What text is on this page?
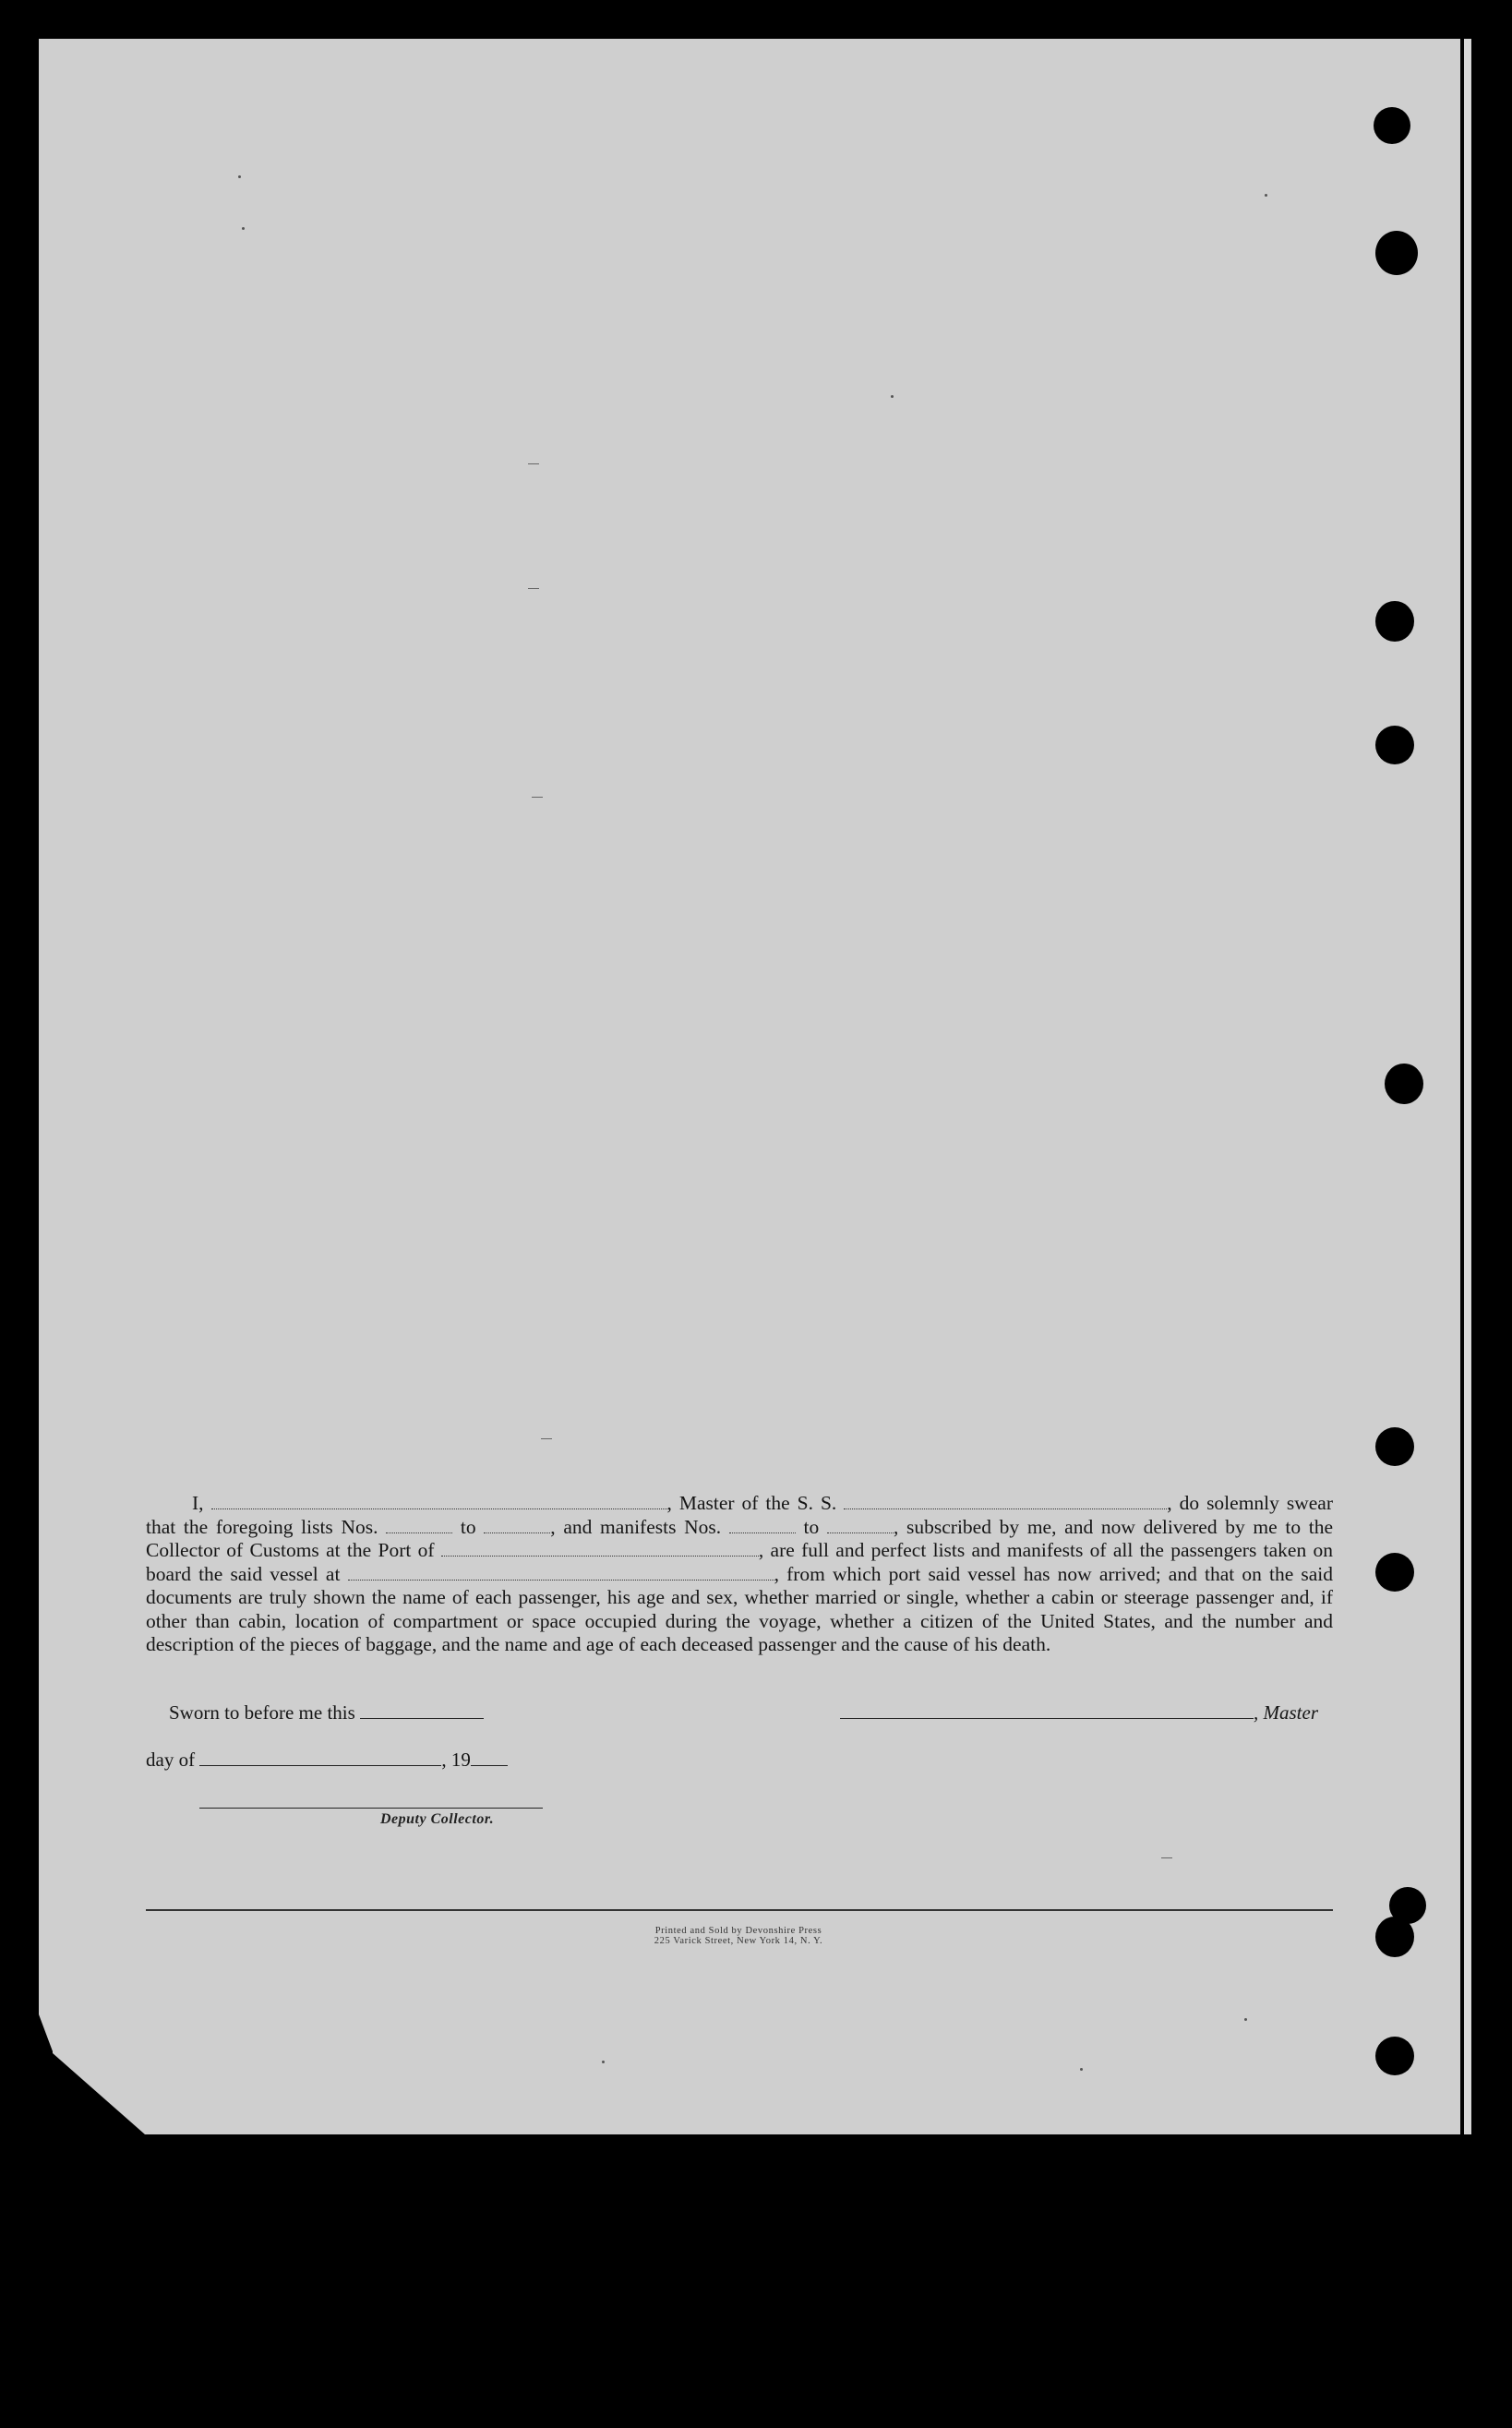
I,	, Master of the S. S.	, do solemnly swear that the foregoing lists Nos.	to	, and manifests Nos.	to	, subscribed by me, and now delivered by me to the Collector of Customs at the Port of	, are full and perfect lists and manifests of all the passengers taken on board the said vessel at	, from which port said vessel has now arrived; and that on the said documents are truly shown the name of each passenger, his age and sex, whether married or single, whether a cabin or steerage passenger and, if other than cabin, location of compartment or space occupied during the voyage, whether a citizen of the United States, and the number and description of the pieces of baggage, and the name and age of each deceased passenger and the cause of his death.

Sworn to before me this	, Master
day of	, 19
Deputy Collector.
Printed and Sold by Devonshire Press
225 Varick Street, New York 14, N. Y.
